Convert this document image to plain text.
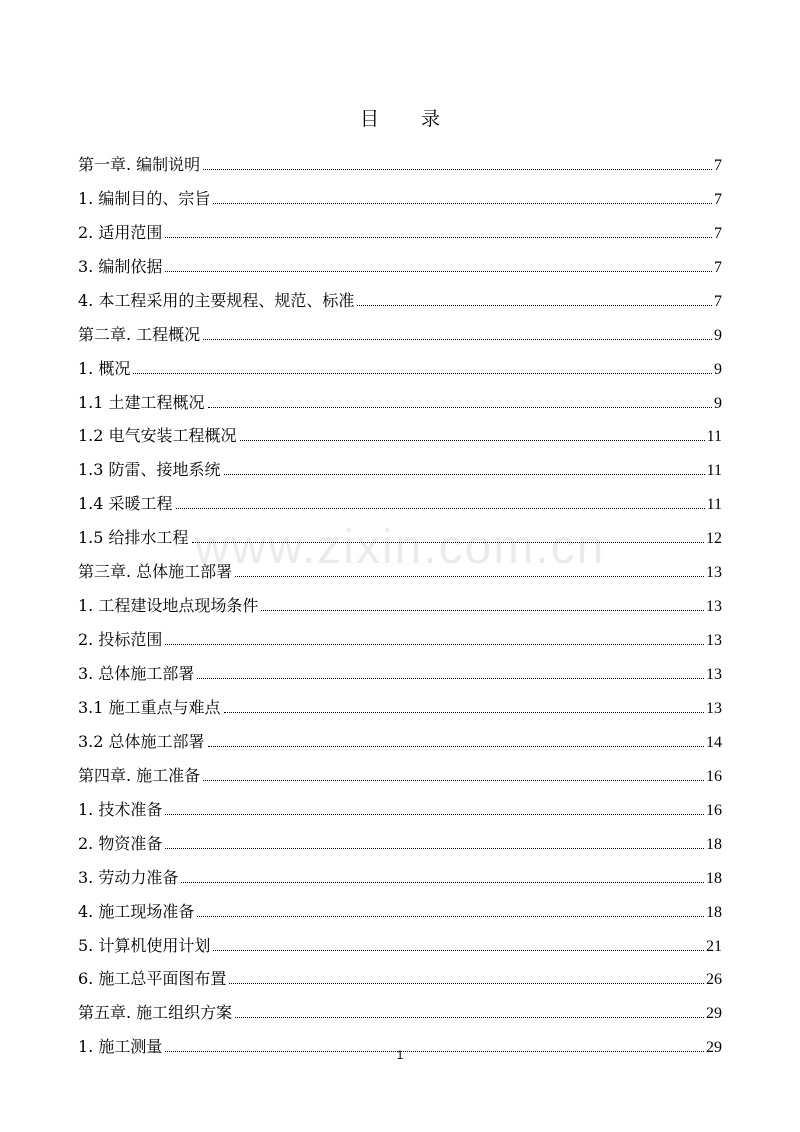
目 录
www.zixin.com.cn
第一章. 编制说明	7
1. 编制目的、宗旨	7
2. 适用范围	7
3. 编制依据	7
4. 本工程采用的主要规程、规范、标准	7
第二章. 工程概况	9
1. 概况	9
1.1 土建工程概况	9
1.2 电气安装工程概况	11
1.3 防雷、接地系统	11
1.4 采暖工程	11
1.5 给排水工程	12
第三章. 总体施工部署	13
1. 工程建设地点现场条件	13
2. 投标范围	13
3. 总体施工部署	13
3.1 施工重点与难点	13
3.2 总体施工部署	14
第四章. 施工准备	16
1. 技术准备	16
2. 物资准备	18
3. 劳动力准备	18
4. 施工现场准备	18
5. 计算机使用计划	21
6. 施工总平面图布置	26
第五章. 施工组织方案	29
1. 施工测量	29
1
